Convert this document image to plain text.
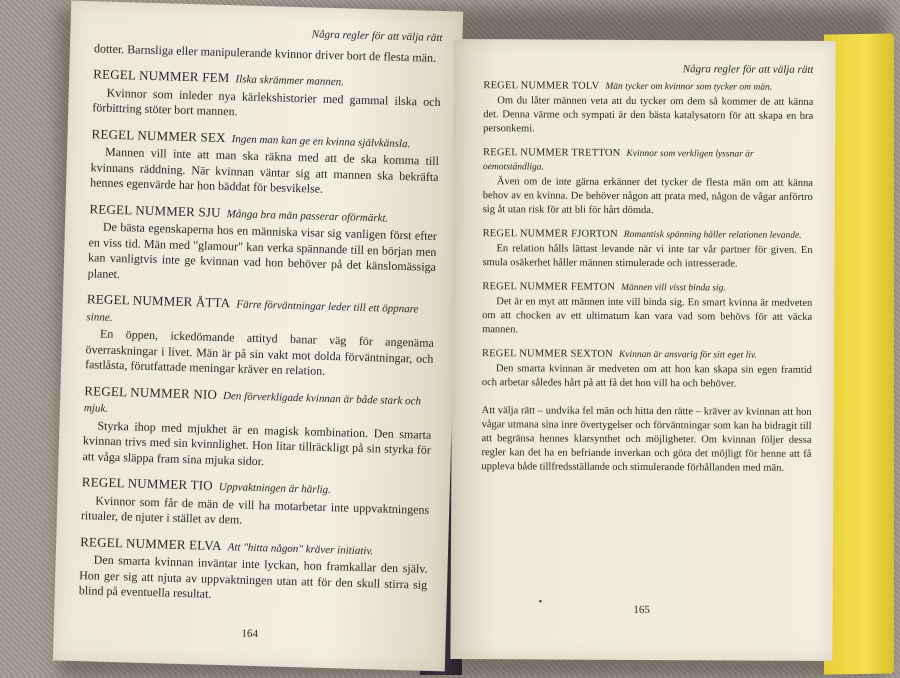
Några regler för att välja rätt

dotter. Barnsliga eller manipulerande kvinnor driver bort de flesta män.

REGEL NUMMER FEM Ilska skrämmer mannen.

Kvinnor som inleder nya kärlekshistorier med gammal ilska och förbittring stöter bort mannen.

REGEL NUMMER SEX Ingen man kan ge en kvinna självkänsla.

Mannen vill inte att man ska räkna med att de ska komma till kvinnans räddning. När kvinnan väntar sig att mannen ska bekräfta hennes egenvärde har hon bäddat för besvikelse.

REGEL NUMMER SJU Många bra män passerar oförmärkt.

De bästa egenskaperna hos en människa visar sig vanligen först efter en viss tid. Män med "glamour" kan verka spännande till en början men kan vanligtvis inte ge kvinnan vad hon behöver på det känslomässiga planet.

REGEL NUMMER ÅTTA Färre förväntningar leder till ett öppnare sinne.

En öppen, ickedömande attityd banar väg för angenäma överraskningar i livet. Män är på sin vakt mot dolda förväntningar, och fastlåsta, förutfattade meningar kräver en relation.

REGEL NUMMER NIO Den förverkligade kvinnan är både stark och mjuk.

Styrka ihop med mjukhet är en magisk kombination. Den smarta kvinnan trivs med sin kvinnlighet. Hon litar tillräckligt på sin styrka för att våga släppa fram sina mjuka sidor.

REGEL NUMMER TIO Uppvaktningen är härlig.

Kvinnor som får de män de vill ha motarbetar inte uppvaktningens ritualer, de njuter i stället av dem.

REGEL NUMMER ELVA Att "hitta någon" kräver initiativ.

Den smarta kvinnan inväntar inte lyckan, hon framkallar den själv. Hon ger sig att njuta av uppvaktningen utan att för den skull stirra sig blind på eventuella resultat.

164
Några regler för att välja rätt
REGEL NUMMER TOLV Män tycker om kvinnor som tycker om män.

Om du låter männen veta att du tycker om dem så kommer de att känna det. Denna värme och sympati är den bästa katalysatorn för att skapa en bra personkemi.

REGEL NUMMER TRETTON Kvinnor som verkligen lyssnar är oemotståndliga.

Även om de inte gärna erkänner det tycker de flesta män om att känna behov av en kvinna. De behöver någon att prata med, någon de vågar anförtro sig åt utan risk för att bli för hårt dömda.

REGEL NUMMER FJORTON Romantisk spänning håller relationen levande.

En relation hålls lättast levande när vi inte tar vår partner för given. En smula osäkerhet håller männen stimulerade och intresserade.

REGEL NUMMER FEMTON Männen vill visst binda sig.

Det är en myt att männen inte vill binda sig. En smart kvinna är medveten om att chocken av ett ultimatum kan vara vad som behövs för att väcka mannen.

REGEL NUMMER SEXTON Kvinnan är ansvarig för sitt eget liv.

Den smarta kvinnan är medveten om att hon kan skapa sin egen framtid och arbetar således hårt på att få det hon vill ha och behöver.

Att välja rätt – undvika fel män och hitta den rätte – kräver av kvinnan att hon vågar utmana sina inre övertygelser och förväntningar som kan ha bidragit till att begränsa hennes klarsynthet och möjligheter. Om kvinnan följer dessa regler kan det ha en befriande inverkan och göra det möjligt för henne att få uppleva både tillfredsställande och stimulerande förhållanden med män.

•
165
